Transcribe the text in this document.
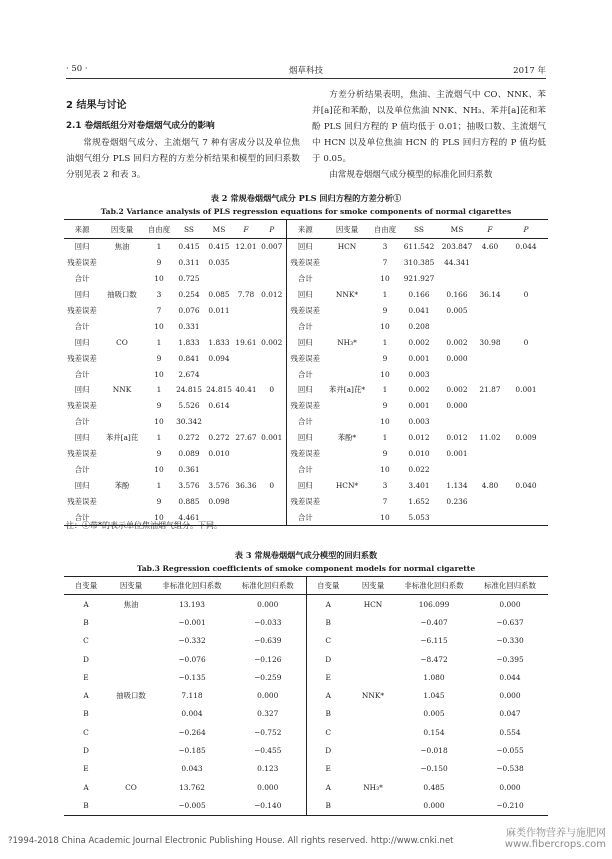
· 50 ·	烟草科技	2017 年
2 结果与讨论
2.1 卷烟纸组分对卷烟烟气成分的影响

常规卷烟烟气成分、主流烟气 7 种有害成分以及单位焦油烟气组分 PLS 回归方程的方差分析结果和模型的回归系数分别见表 2 和表 3。

方差分析结果表明，焦油、主流烟气中 CO、NNK、苯并[a]芘和苯酚，以及单位焦油 NNK、NH₃、苯并[a]芘和苯酚 PLS 回归方程的 P 值均低于 0.01；抽吸口数、主流烟气中 HCN 以及单位焦油 HCN 的 PLS 回归方程的 P 值均低于 0.05。

由常规卷烟烟气成分模型的标准化回归系数

表 2 常规卷烟烟气成分 PLS 回归方程的方差分析①
Tab.2 Variance analysis of PLS regression equations for smoke components of normal cigarettes
来源	因变量	自由度	SS	MS	F	P	来源	因变量	自由度	SS	MS	F	P
回归	焦油	1	0.415	0.415	12.01	0.007	回归	HCN	3	611.542	203.847	4.60	0.044
残差误差		9	0.311	0.035			残差误差		7	310.385	44.341		
合计		10	0.725				合计		10	921.927			
回归	抽吸口数	3	0.254	0.085	7.78	0.012	回归	NNK*	1	0.166	0.166	36.14	0
残差误差		7	0.076	0.011			残差误差		9	0.041	0.005		
合计		10	0.331				合计		10	0.208			
回归	CO	1	1.833	1.833	19.61	0.002	回归	NH₃*	1	0.002	0.002	30.98	0
残差误差		9	0.841	0.094			残差误差		9	0.001	0.000		
合计		10	2.674				合计		10	0.003			
回归	NNK	1	24.815	24.815	40.41	0	回归	苯并[a]芘*	1	0.002	0.002	21.87	0.001
残差误差		9	5.526	0.614			残差误差		9	0.001	0.000		
合计		10	30.342				合计		10	0.003			
回归	苯并[a]芘	1	0.272	0.272	27.67	0.001	回归	苯酚*	1	0.012	0.012	11.02	0.009
残差误差		9	0.089	0.010			残差误差		9	0.010	0.001		
合计		10	0.361				合计		10	0.022			
回归	苯酚	1	3.576	3.576	36.36	0	回归	HCN*	3	3.401	1.134	4.80	0.040
残差误差		9	0.885	0.098			残差误差		7	1.652	0.236		
合计		10	4.461				合计		10	5.053			
注：①带*的表示单位焦油烟气组分。下同。
表 3 常规卷烟烟气成分模型的回归系数
Tab.3 Regression coefficients of smoke component models for normal cigarette
自变量	因变量	非标准化回归系数	标准化回归系数	自变量	因变量	非标准化回归系数	标准化回归系数
A	焦油	13.193	0.000	A	HCN	106.099	0.000
B		−0.001	−0.033	B		−0.407	−0.637
C		−0.332	−0.639	C		−6.115	−0.330
D		−0.076	−0.126	D		−8.472	−0.395
E		−0.135	−0.259	E		1.080	0.044
A	抽吸口数	7.118	0.000	A	NNK*	1.045	0.000
B		0.004	0.327	B		0.005	0.047
C		−0.264	−0.752	C		0.154	0.554
D		−0.185	−0.455	D		−0.018	−0.055
E		0.043	0.123	E		−0.150	−0.538
A	CO	13.762	0.000	A	NH₃*	0.485	0.000
B		−0.005	−0.140	B		0.000	−0.210
?1994-2018 China Academic Journal Electronic Publishing House. All rights reserved. http://www.cnki.net
麻类作物营养与施肥网
www.fibercrops.com
